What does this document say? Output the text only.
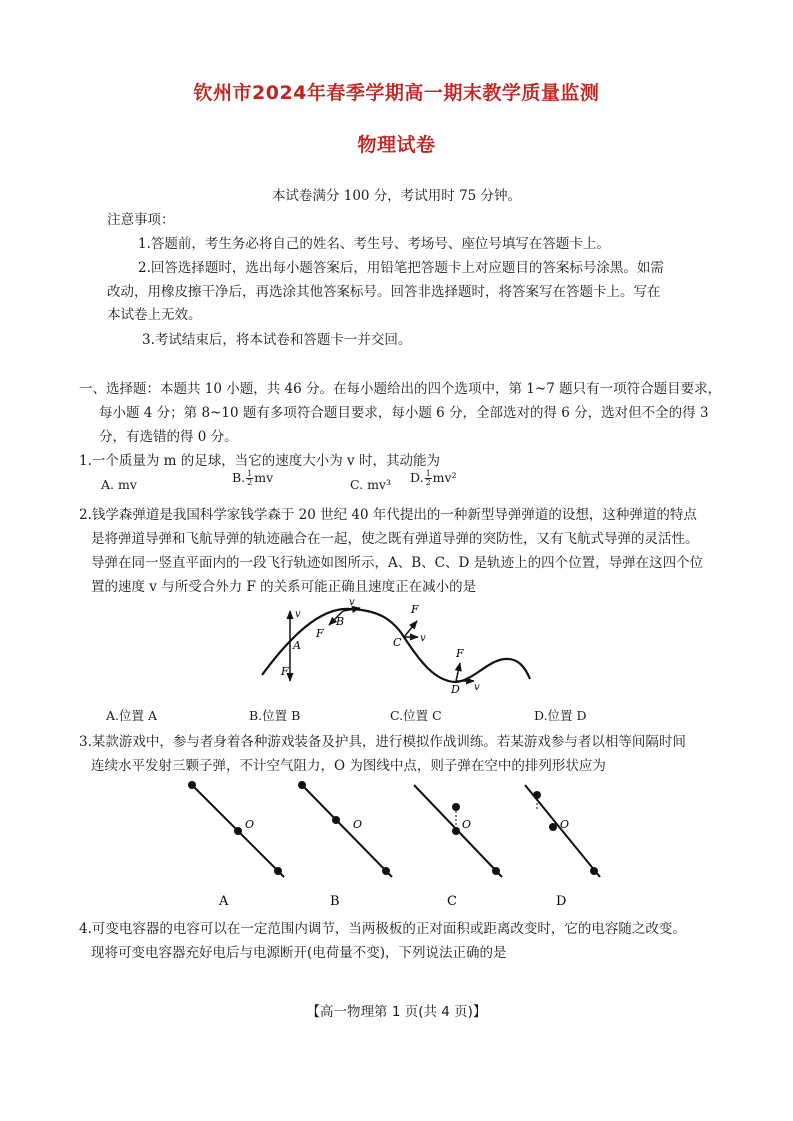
钦州市2024年春季学期高一期末教学质量监测
物理试卷
本试卷满分 100 分，考试用时 75 分钟。
注意事项：
1.答题前，考生务必将自己的姓名、考生号、考场号、座位号填写在答题卡上。
2.回答选择题时，选出每小题答案后，用铅笔把答题卡上对应题目的答案标号涂黑。如需
改动，用橡皮擦干净后，再选涂其他答案标号。回答非选择题时，将答案写在答题卡上。写在
本试卷上无效。
3.考试结束后，将本试卷和答题卡一并交回。
一、选择题：本题共 10 小题，共 46 分。在每小题给出的四个选项中，第 1~7 题只有一项符合题目要求，
每小题 4 分；第 8~10 题有多项符合题目要求，每小题 6 分，全部选对的得 6 分，选对但不全的得 3
分，有选错的得 0 分。
1.一个质量为 m 的足球，当它的速度大小为 v 时，其动能为
A. mv	B. $\frac{1}{2}$ mv	C. mv³ D. $\frac{1}{2} mv^2$
2.钱学森弹道是我国科学家钱学森于 20 世纪 40 年代提出的一种新型导弹弹道的设想，这种弹道的特点
是将弹道导弹和飞航导弹的轨迹融合在一起，使之既有弹道导弹的突防性，又有飞航式导弹的灵活性。
导弹在同一竖直平面内的一段飞行轨迹如图所示，A、B、C、D 是轨迹上的四个位置，导弹在这四个位
置的速度 v 与所受合外力 F 的关系可能正确且速度正在减小的是
v
A
F
v
B
F
F
C v
F
D v
A.位置 A	B.位置 B	C.位置 C	D.位置 D
3.某款游戏中，参与者身着各种游戏装备及护具，进行模拟作战训练。若某游戏参与者以相等间隔时间
连续水平发射三颗子弹，不计空气阻力，O 为图线中点，则子弹在空中的排列形状应为
O
A
O
B
O
C
O
D
4.可变电容器的电容可以在一定范围内调节，当两极板的正对面积或距离改变时，它的电容随之改变。
现将可变电容器充好电后与电源断开(电荷量不变)，下列说法正确的是
【高一物理第 1 页(共 4 页)】
